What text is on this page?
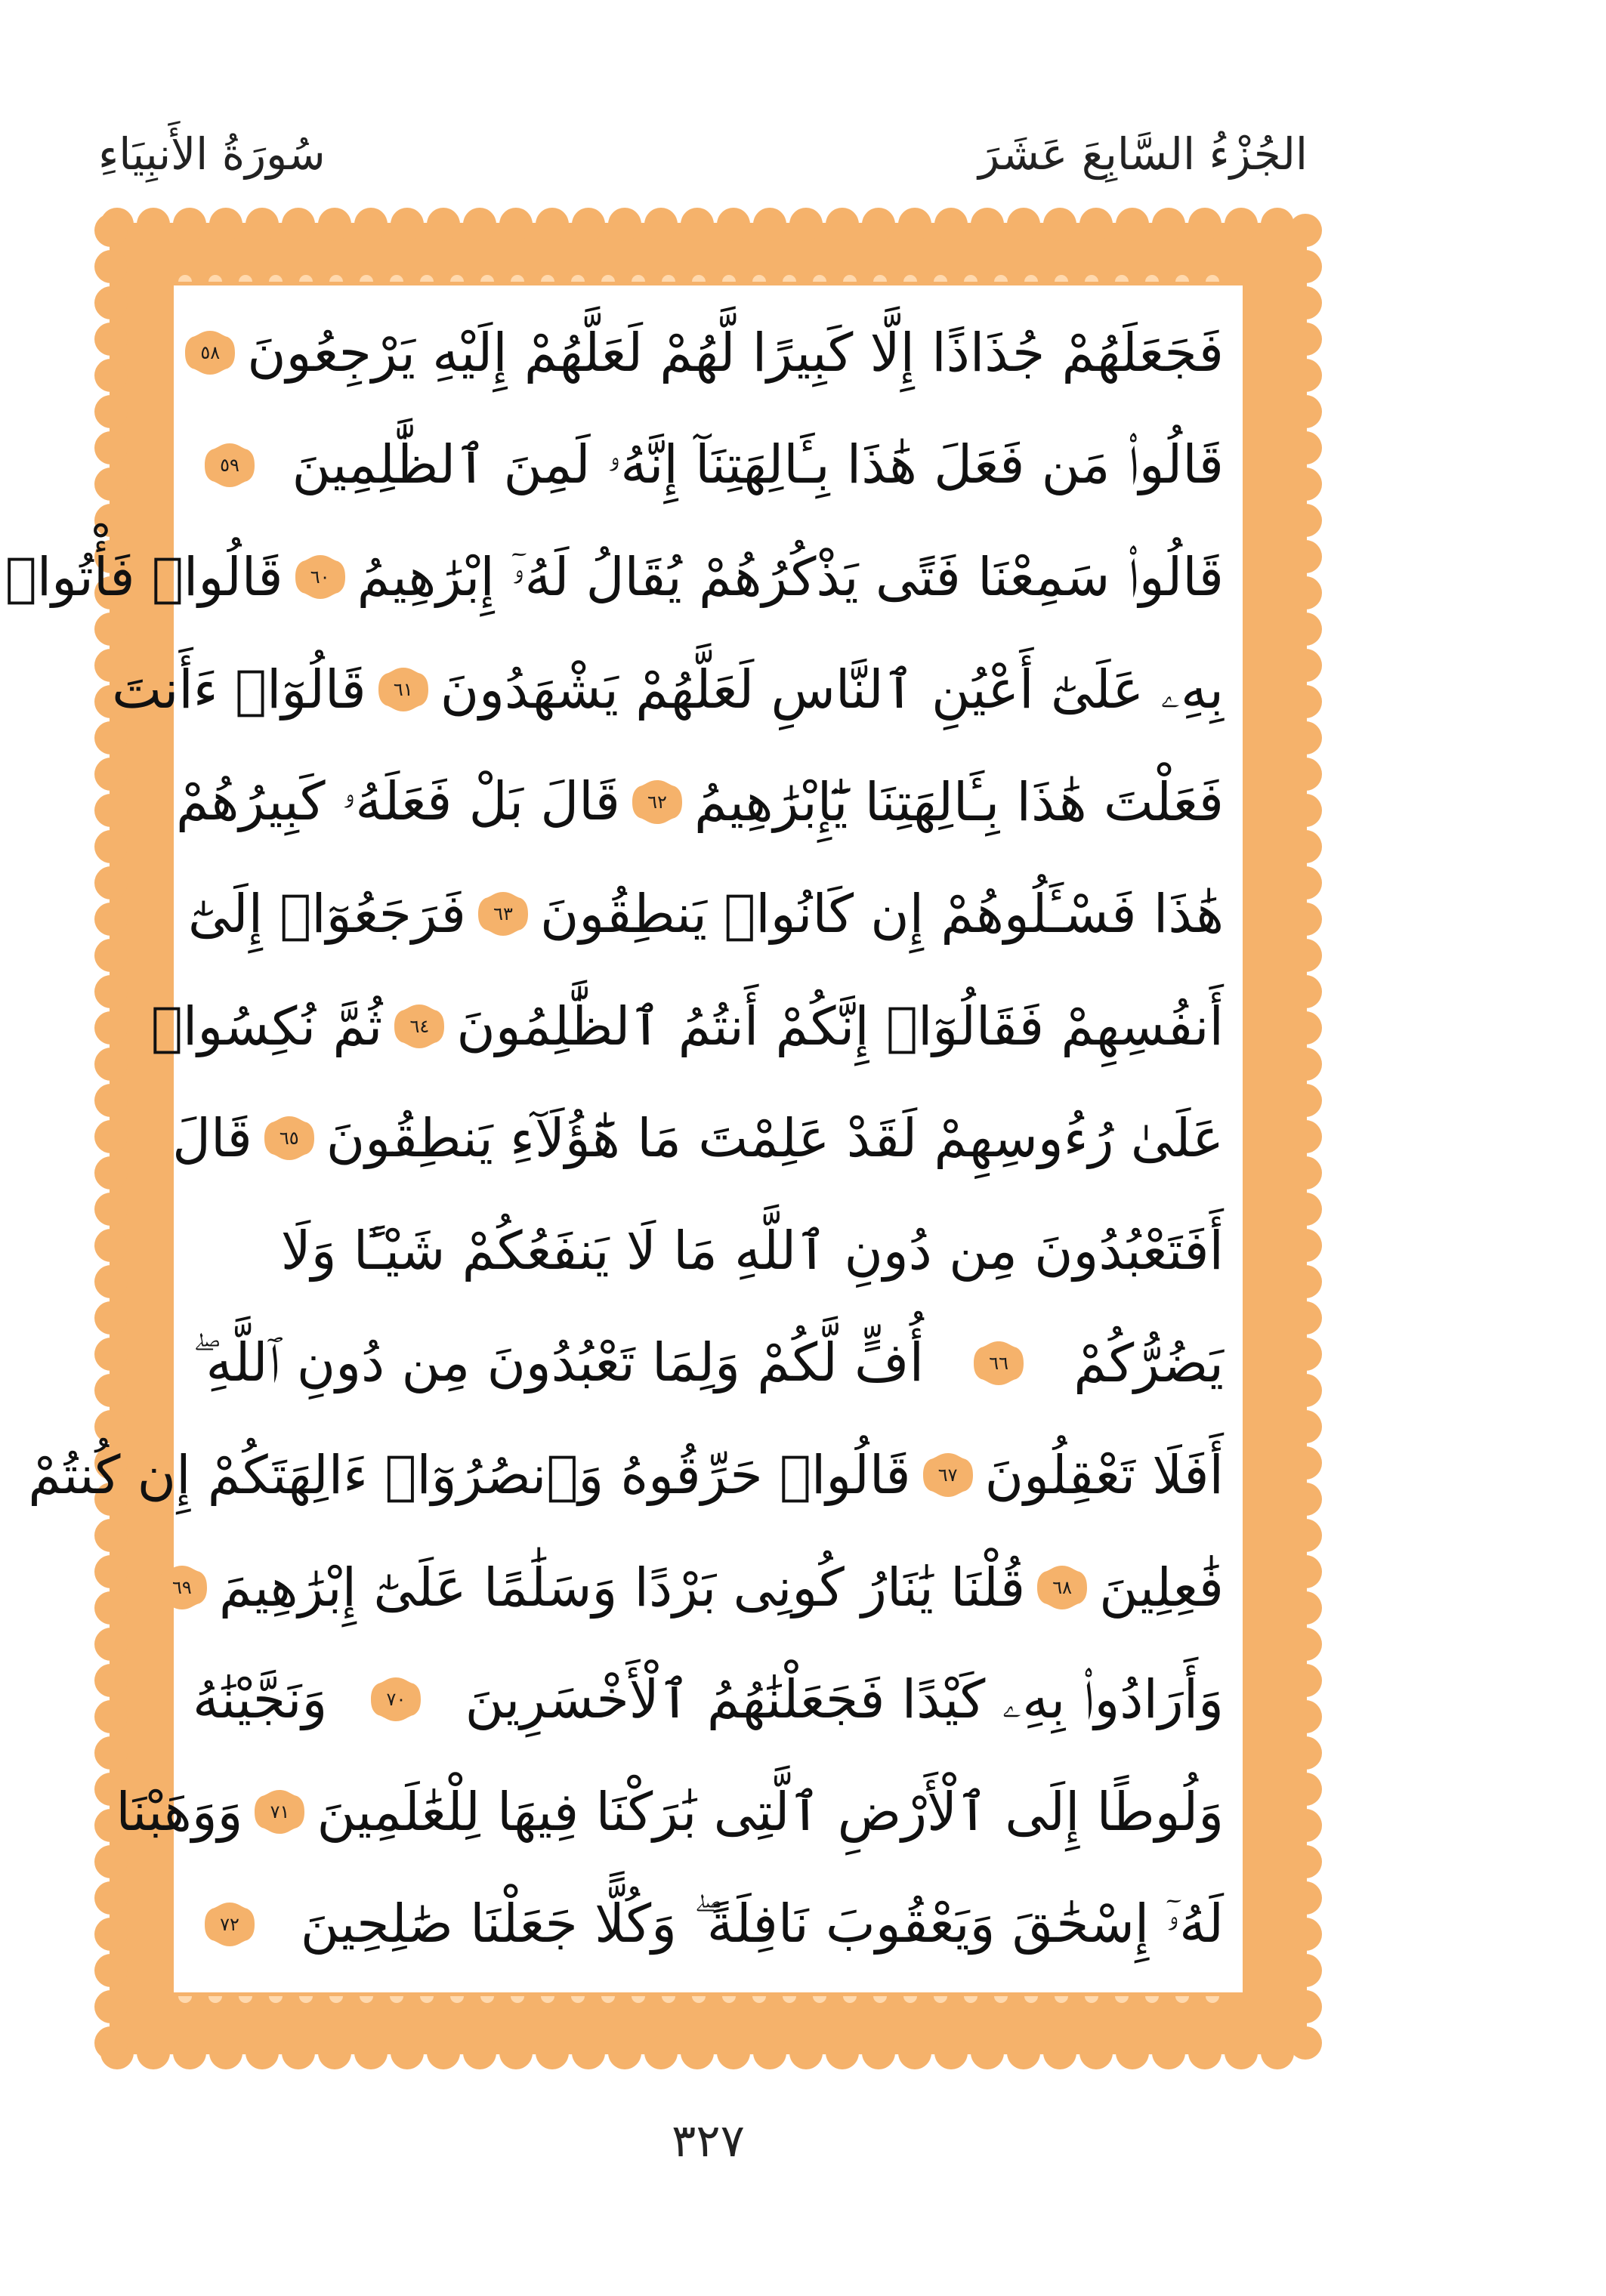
الجُزْءُ السَّابِعَ عَشَرَ
سُورَةُ الأَنبِيَاءِ
فَجَعَلَهُمْ جُذَاذًا إِلَّا كَبِيرًا لَّهُمْ لَعَلَّهُمْ إِلَيْهِ يَرْجِعُونَ
٥٨
قَالُوا۟ مَن فَعَلَ هَٰذَا بِـَٔالِهَتِنَآ إِنَّهُۥ لَمِنَ ٱلظَّٰلِمِينَ
٥٩
قَالُوا۟ سَمِعْنَا فَتًى يَذْكُرُهُمْ يُقَالُ لَهُۥٓ إِبْرَٰهِيمُ
٦٠
قَالُوا۟ فَأْتُوا۟
بِهِۦ عَلَىٰٓ أَعْيُنِ ٱلنَّاسِ لَعَلَّهُمْ يَشْهَدُونَ
٦١
قَالُوٓا۟ ءَأَنتَ
فَعَلْتَ هَٰذَا بِـَٔالِهَتِنَا يَٰٓإِبْرَٰهِيمُ
٦٢
قَالَ بَلْ فَعَلَهُۥ كَبِيرُهُمْ
هَٰذَا فَسْـَٔلُوهُمْ إِن كَانُوا۟ يَنطِقُونَ
٦٣
فَرَجَعُوٓا۟ إِلَىٰٓ
أَنفُسِهِمْ فَقَالُوٓا۟ إِنَّكُمْ أَنتُمُ ٱلظَّٰلِمُونَ
٦٤
ثُمَّ نُكِسُوا۟
عَلَىٰ رُءُوسِهِمْ لَقَدْ عَلِمْتَ مَا هَٰٓؤُلَآءِ يَنطِقُونَ
٦٥
قَالَ
أَفَتَعْبُدُونَ مِن دُونِ ٱللَّهِ مَا لَا يَنفَعُكُمْ شَيْـًٔا وَلَا
يَضُرُّكُمْ
٦٦
أُفٍّ لَّكُمْ وَلِمَا تَعْبُدُونَ مِن دُونِ ٱللَّهِ ۖ
أَفَلَا تَعْقِلُونَ
٦٧
قَالُوا۟ حَرِّقُوهُ وَٱنصُرُوٓا۟ ءَالِهَتَكُمْ إِن كُنتُمْ
فَٰعِلِينَ
٦٨
قُلْنَا يَٰنَارُ كُونِى بَرْدًا وَسَلَٰمًا عَلَىٰٓ إِبْرَٰهِيمَ
٦٩
وَأَرَادُوا۟ بِهِۦ كَيْدًا فَجَعَلْنَٰهُمُ ٱلْأَخْسَرِينَ
٧٠
وَنَجَّيْنَٰهُ
وَلُوطًا إِلَى ٱلْأَرْضِ ٱلَّتِى بَٰرَكْنَا فِيهَا لِلْعَٰلَمِينَ
٧١
وَوَهَبْنَا
لَهُۥٓ إِسْحَٰقَ وَيَعْقُوبَ نَافِلَةً ۖ وَكُلًّا جَعَلْنَا صَٰلِحِينَ
٧٢
٣٢٧
